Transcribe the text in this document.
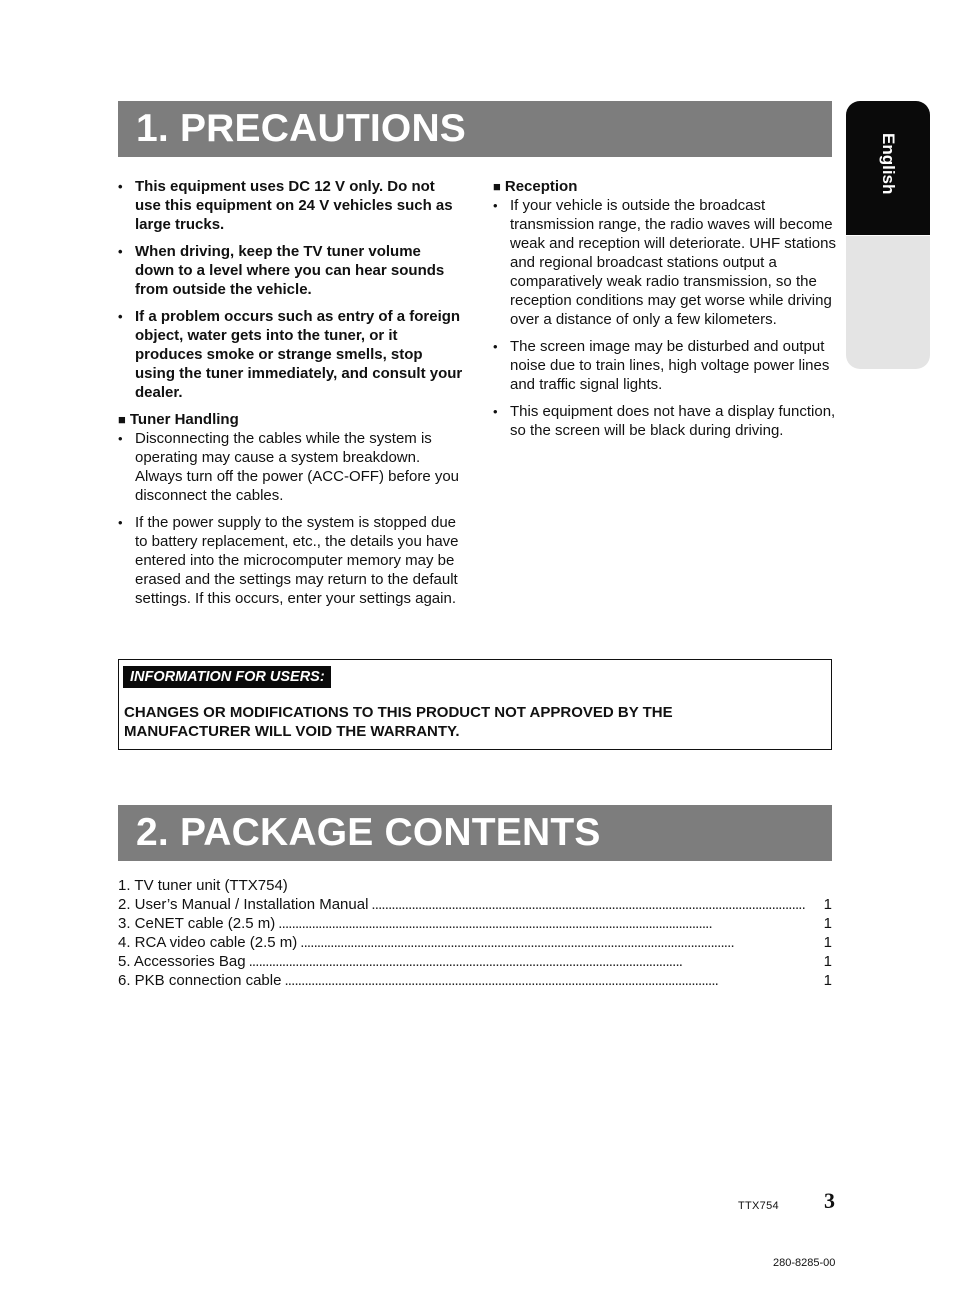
1. PRECAUTIONS
English
• This equipment uses DC 12 V only. Do not use this equipment on 24 V vehicles such as large trucks.
• When driving, keep the TV tuner volume down to a level where you can hear sounds from outside the vehicle.
• If a problem occurs such as entry of a foreign object, water gets into the tuner, or it produces smoke or strange smells, stop using the tuner immediately, and consult your dealer.
■ Tuner Handling
• Disconnecting the cables while the system is operating may cause a system breakdown. Always turn off the power (ACC-OFF) before you disconnect the cables.
• If the power supply to the system is stopped due to battery replacement, etc., the details you have entered into the microcomputer memory may be erased and the settings may return to the default settings. If this occurs, enter your settings again.
■ Reception
• If your vehicle is outside the broadcast transmission range, the radio waves will become weak and reception will deteriorate. UHF stations and regional broadcast stations output a comparatively weak radio transmission, so the reception conditions may get worse while driving over a distance of only a few kilometers.
• The screen image may be disturbed and output noise due to train lines, high voltage power lines and traffic signal lights.
• This equipment does not have a display function, so the screen will be black during driving.
INFORMATION FOR USERS:
CHANGES OR MODIFICATIONS TO THIS PRODUCT NOT APPROVED BY THE
MANUFACTURER WILL VOID THE WARRANTY.
2. PACKAGE CONTENTS
1. TV tuner unit (TTX754)
2. User’s Manual / Installation Manual . . .	1
3. CeNET cable (2.5 m) . . .	1
4. RCA video cable (2.5 m) . . .	1
5. Accessories Bag . . .	1
6. PKB connection cable . . .	1
TTX754 3
280-8285-00
